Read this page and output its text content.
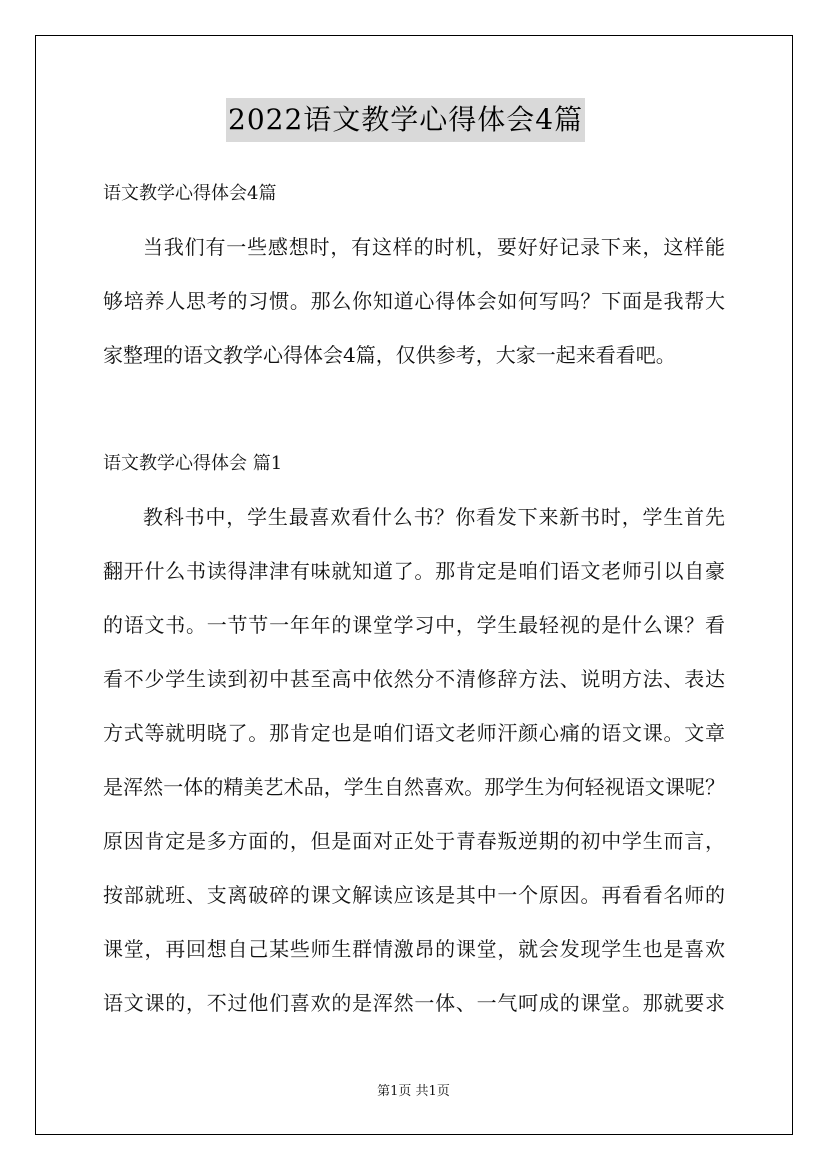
2022语文教学心得体会4篇
语文教学心得体会4篇
当我们有一些感想时，有这样的时机，要好好记录下来，这样能
够培养人思考的习惯。那么你知道心得体会如何写吗？下面是我帮大
家整理的语文教学心得体会4篇，仅供参考，大家一起来看看吧。
语文教学心得体会 篇1
教科书中，学生最喜欢看什么书？你看发下来新书时，学生首先
翻开什么书读得津津有味就知道了。那肯定是咱们语文老师引以自豪
的语文书。一节节一年年的课堂学习中，学生最轻视的是什么课？看
看不少学生读到初中甚至高中依然分不清修辞方法、说明方法、表达
方式等就明晓了。那肯定也是咱们语文老师汗颜心痛的语文课。文章
是浑然一体的精美艺术品，学生自然喜欢。那学生为何轻视语文课呢？
原因肯定是多方面的，但是面对正处于青春叛逆期的初中学生而言，
按部就班、支离破碎的课文解读应该是其中一个原因。再看看名师的
课堂，再回想自己某些师生群情激昂的课堂，就会发现学生也是喜欢
语文课的，不过他们喜欢的是浑然一体、一气呵成的课堂。那就要求
第1页 共1页
